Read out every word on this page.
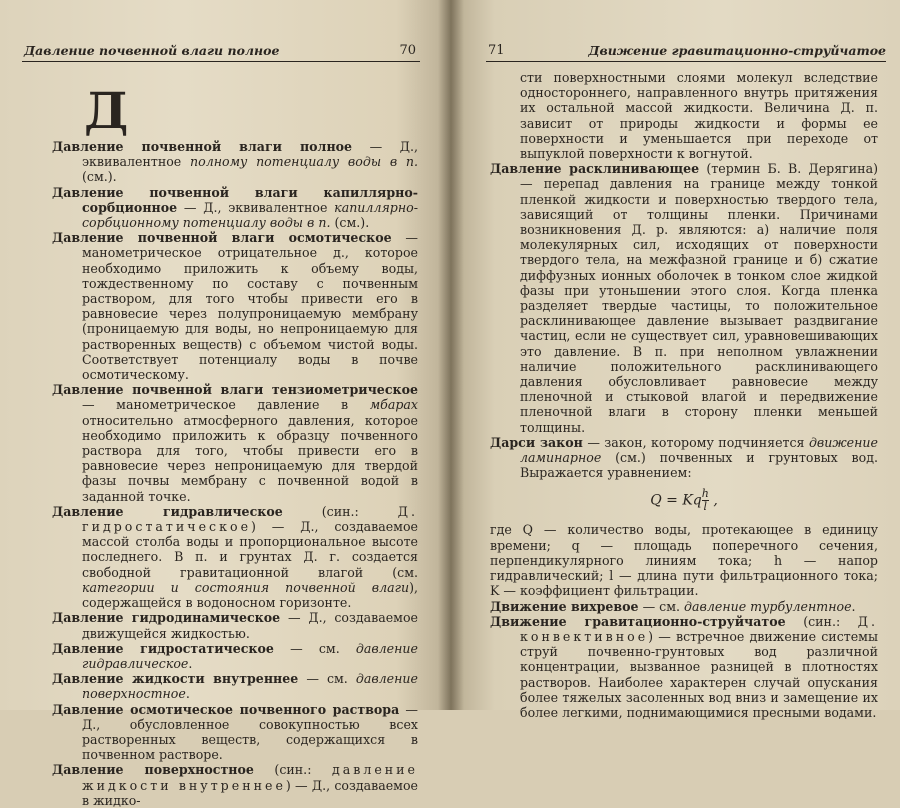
Давление почвенной влаги полное	70
Д

Давление почвенной влаги полное — Д., эквивалентное полному потенциалу воды в п. (см.).

Давление почвенной влаги капиллярно-сорбционное — Д., эквивалентное капиллярно-сорбционному потенциалу воды в п. (см.).

Давление почвенной влаги осмотическое — манометрическое отрицательное д., которое необходимо приложить к объему воды, тождественному по составу с почвенным раствором, для того чтобы привести его в равновесие через полупроницаемую мембрану (проницаемую для воды, но непроницаемую для растворенных веществ) с объемом чистой воды. Соответствует потенциалу воды в почве осмотическому.

Давление почвенной влаги тензиометрическое — манометрическое давление в мбарах относительно атмосферного давления, которое необходимо приложить к образцу почвенного раствора для того, чтобы привести его в равновесие через непроницаемую для твердой фазы почвы мембрану с почвенной водой в заданной точке.

Давление гидравлическое (син.: Д. гидростатическое) — Д., создаваемое массой столба воды и пропорциональное высоте последнего. В п. и грунтах Д. г. создается свободной гравитационной влагой (см. категории и состояния почвенной влаги), содержащейся в водоносном горизонте.

Давление гидродинамическое — Д., создаваемое движущейся жидкостью.

Давление гидростатическое — см. давление гидравлическое.

Давление жидкости внутреннее — см. давление поверхностное.

Давление осмотическое почвенного раствора — Д., обусловленное совокупностью всех растворенных веществ, содержащихся в почвенном растворе.

Давление поверхностное (син.: давление жидкости внутреннее) — Д., создаваемое в жидко-

71	Движение гравитационно-струйчатое

сти поверхностными слоями молекул вследствие одностороннего, направленного внутрь притяжения их остальной массой жидкости. Величина Д. п. зависит от природы жидкости и формы ее поверхности и уменьшается при переходе от выпуклой поверхности к вогнутой.

Давление расклинивающее (термин Б. В. Дерягина) — перепад давления на границе между тонкой пленкой жидкости и поверхностью твердого тела, зависящий от толщины пленки. Причинами возникновения Д. р. являются: а) наличие поля молекулярных сил, исходящих от поверхности твердого тела, на межфазной границе и б) сжатие диффузных ионных оболочек в тонком слое жидкой фазы при утоньшении этого слоя. Когда пленка разделяет твердые частицы, то положительное расклинивающее давление вызывает раздвигание частиц, если не существует сил, уравновешивающих это давление. В п. при неполном увлажнении наличие положительного расклинивающего давления обусловливает равновесие между пленочной и стыковой влагой и передвижение пленочной влаги в сторону пленки меньшей толщины.

Дарси закон — закон, которому подчиняется движение ламинарное (см.) почвенных и грунтовых вод. Выражается уравнением:

Q = Kq $\frac{h}{l}$ ,

где Q — количество воды, протекающее в единицу времени; q — площадь поперечного сечения, перпендикулярного линиям тока; h — напор гидравлический; l — длина пути фильтрационного тока; K — коэффициент фильтрации.

Движение вихревое — см. давление турбулентное.

Движение гравитационно-струйчатое (син.: Д. конвективное) — встречное движение системы струй почвенно-грунтовых вод различной концентрации, вызванное разницей в плотностях растворов. Наиболее характерен случай опускания более тяжелых засоленных вод вниз и замещение их более легкими, поднимающимися пресными водами.
